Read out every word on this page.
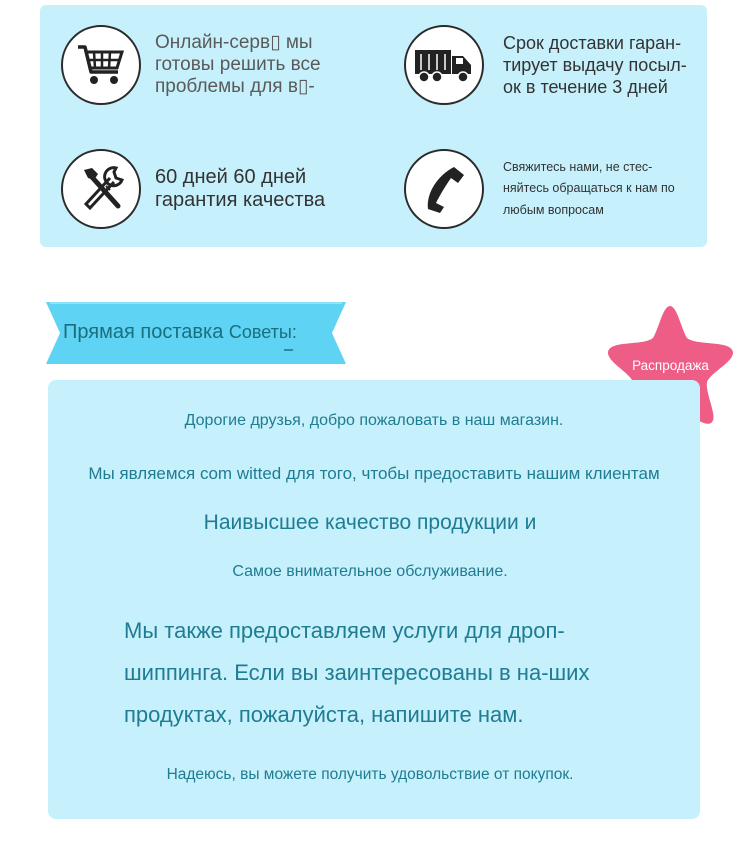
Онлайн-серв▯ мы готовы решить все проблемы для в▯-
Срок доставки гаран-тирует выдачу посыл-ок в течение 3 дней
60 дней 60 дней гарантия качества
Свяжитесь нами, не стес-няйтесь обращаться к нам по любым вопросам
Прямая поставка Советы:
Распродажа
Дорогие друзья, добро пожаловать в наш магазин.
Мы являемся com witted для того, чтобы предоставить нашим клиентам
Наивысшее качество продукции и
Самое внимательное обслуживание.
Мы также предоставляем услуги для дроп-шиппинга. Если вы заинтересованы в на-ших продуктах, пожалуйста, напишите нам.
Надеюсь, вы можете получить удовольствие от покупок.
